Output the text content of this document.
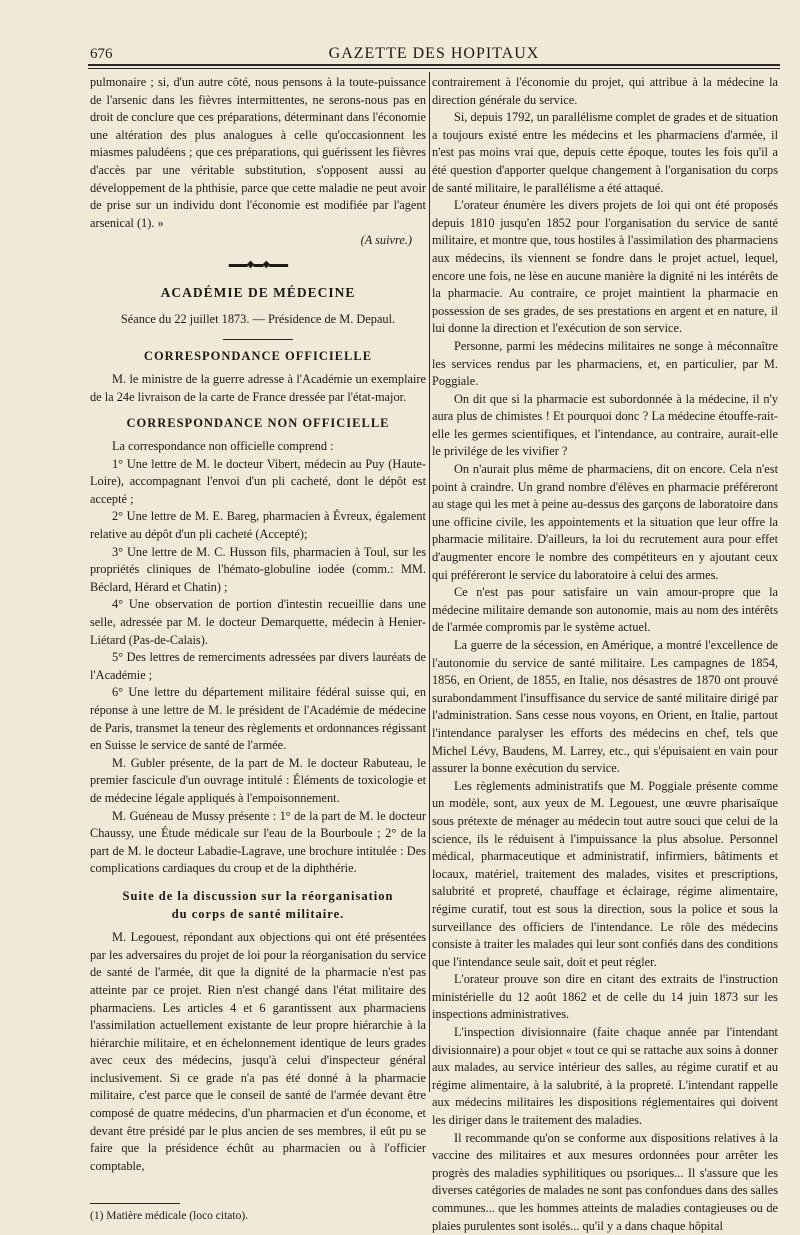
676	GAZETTE DES HOPITAUX

pulmonaire ; si, d'un autre côté, nous pensons à la toute-puissance de l'arsenic dans les fièvres intermittentes, ne serons-nous pas en droit de conclure que ces préparations, déterminant dans l'économie une altération des plus analogues à celle qu'occasionnent les miasmes paludéens ; que ces préparations, qui guérissent les fièvres d'accès par une véritable substitution, s'opposent aussi au développement de la phthisie, parce que cette maladie ne peut avoir de prise sur un individu dont l'économie est modifiée par l'agent arsenical (1). »

(A suivre.)

▬▬◆▬◆▬▬
ACADÉMIE DE MÉDECINE

Séance du 22 juillet 1873. — Présidence de M. Depaul.

CORRESPONDANCE OFFICIELLE

M. le ministre de la guerre adresse à l'Académie un exemplaire de la 24e livraison de la carte de France dressée par l'état-major.

CORRESPONDANCE NON OFFICIELLE

La correspondance non officielle comprend :

1° Une lettre de M. le docteur Vibert, médecin au Puy (Haute-Loire), accompagnant l'envoi d'un pli cacheté, dont le dépôt est accepté ;

2° Une lettre de M. E. Bareg, pharmacien à Évreux, également relative au dépôt d'un pli cacheté (Accepté);

3° Une lettre de M. C. Husson fils, pharmacien à Toul, sur les propriétés cliniques de l'hémato-globuline iodée (comm.: MM. Béclard, Hérard et Chatin) ;

4° Une observation de portion d'intestin recueillie dans une selle, adressée par M. le docteur Demarquette, médecin à Henier-Liétard (Pas-de-Calais).

5° Des lettres de remerciments adressées par divers lauréats de l'Académie ;

6° Une lettre du département militaire fédéral suisse qui, en réponse à une lettre de M. le président de l'Académie de médecine de Paris, transmet la teneur des règlements et ordonnances régissant en Suisse le service de santé de l'armée.

M. Gubler présente, de la part de M. le docteur Rabuteau, le premier fascicule d'un ouvrage intitulé : Éléments de toxicologie et de médecine légale appliqués à l'empoisonnement.

M. Guéneau de Mussy présente : 1° de la part de M. le docteur Chaussy, une Étude médicale sur l'eau de la Bourboule ; 2° de la part de M. le docteur Labadie-Lagrave, une brochure intitulée : Des complications cardiaques du croup et de la diphthérie.

Suite de la discussion sur la réorganisation
du corps de santé militaire.

M. Legouest, répondant aux objections qui ont été présentées par les adversaires du projet de loi pour la réorganisation du service de santé de l'armée, dit que la dignité de la pharmacie n'est pas atteinte par ce projet. Rien n'est changé dans l'état militaire des pharmaciens. Les articles 4 et 6 garantissent aux pharmaciens l'assimilation actuellement existante de leur propre hiérarchie à la hiérarchie militaire, et en échelonnement identique de leurs grades avec ceux des médecins, jusqu'à celui d'inspecteur général inclusivement. Si ce grade n'a pas été donné à la pharmacie militaire, c'est parce que le conseil de santé de l'armée devant être composé de quatre médecins, d'un pharmacien et d'un économe, et devant être présidé par le plus ancien de ses membres, il eût pu se faire que la présidence échût au pharmacien ou à l'officier comptable,

(1) Matière médicale (loco citato).

contrairement à l'économie du projet, qui attribue à la médecine la direction générale du service.

Si, depuis 1792, un parallélisme complet de grades et de situation a toujours existé entre les médecins et les pharmaciens d'armée, il n'est pas moins vrai que, depuis cette époque, toutes les fois qu'il a été question d'apporter quelque changement à l'organisation du corps de santé militaire, le parallélisme a été attaqué.

L'orateur énumère les divers projets de loi qui ont été proposés depuis 1810 jusqu'en 1852 pour l'organisation du service de santé militaire, et montre que, tous hostiles à l'assimilation des pharmaciens aux médecins, ils viennent se fondre dans le projet actuel, lequel, encore une fois, ne lèse en aucune manière la dignité ni les intérêts de la pharmacie. Au contraire, ce projet maintient la pharmacie en possession de ses grades, de ses prestations en argent et en nature, il lui donne la direction et l'exécution de son service.

Personne, parmi les médecins militaires ne songe à méconnaître les services rendus par les pharmaciens, et, en particulier, par M. Poggiale.

On dit que si la pharmacie est subordonnée à la médecine, il n'y aura plus de chimistes ! Et pourquoi donc ? La médecine étouffe-rait-elle les germes scientifiques, et l'intendance, au contraire, aurait-elle le privilége de les vivifier ?

On n'aurait plus même de pharmaciens, dit on encore. Cela n'est point à craindre. Un grand nombre d'élèves en pharmacie préféreront au stage qui les met à peine au-dessus des garçons de laboratoire dans une officine civile, les appointements et la situation que leur offre la pharmacie militaire. D'ailleurs, la loi du recrutement aura pour effet d'augmenter encore le nombre des compétiteurs en y ajoutant ceux qui préféreront le service du laboratoire à celui des armes.

Ce n'est pas pour satisfaire un vain amour-propre que la médecine militaire demande son autonomie, mais au nom des intérêts de l'armée compromis par le système actuel.

La guerre de la sécession, en Amérique, a montré l'excellence de l'autonomie du service de santé militaire. Les campagnes de 1854, 1856, en Orient, de 1855, en Italie, nos désastres de 1870 ont prouvé surabondamment l'insuffisance du service de santé militaire dirigé par l'administration. Sans cesse nous voyons, en Orient, en Italie, partout l'intendance paralyser les efforts des médecins en chef, tels que Michel Lévy, Baudens, M. Larrey, etc., qui s'épuisaient en vain pour assurer la bonne exécution du service.

Les règlements administratifs que M. Poggiale présente comme un modèle, sont, aux yeux de M. Legouest, une œuvre pharisaïque sous prétexte de ménager au médecin tout autre souci que celui de la science, ils le réduisent à l'impuissance la plus absolue. Personnel médical, pharmaceutique et administratif, infirmiers, bâtiments et locaux, matériel, traitement des malades, visites et prescriptions, salubrité et propreté, chauffage et éclairage, régime alimentaire, régime curatif, tout est sous la direction, sous la police et sous la surveillance des officiers de l'intendance. Le rôle des médecins consiste à traiter les malades qui leur sont confiés dans des conditions que l'intendance seule sait, doit et peut régler.

L'orateur prouve son dire en citant des extraits de l'instruction ministérielle du 12 août 1862 et de celle du 14 juin 1873 sur les inspections administratives.

L'inspection divisionnaire (faite chaque année par l'intendant divisionnaire) a pour objet « tout ce qui se rattache aux soins à donner aux malades, au service intérieur des salles, au régime curatif et au régime alimentaire, à la salubrité, à la propreté. L'intendant rappelle aux médecins militaires les dispositions réglementaires qui doivent les diriger dans le traitement des maladies.

Il recommande qu'on se conforme aux dispositions relatives à la vaccine des militaires et aux mesures ordonnées pour arrêter les progrès des maladies syphilitiques ou psoriques... Il s'assure que les diverses catégories de malades ne sont pas confondues dans des salles communes... que les hommes atteints de maladies contagieuses ou de plaies purulentes sont isolés... qu'il y a dans chaque hôpital
